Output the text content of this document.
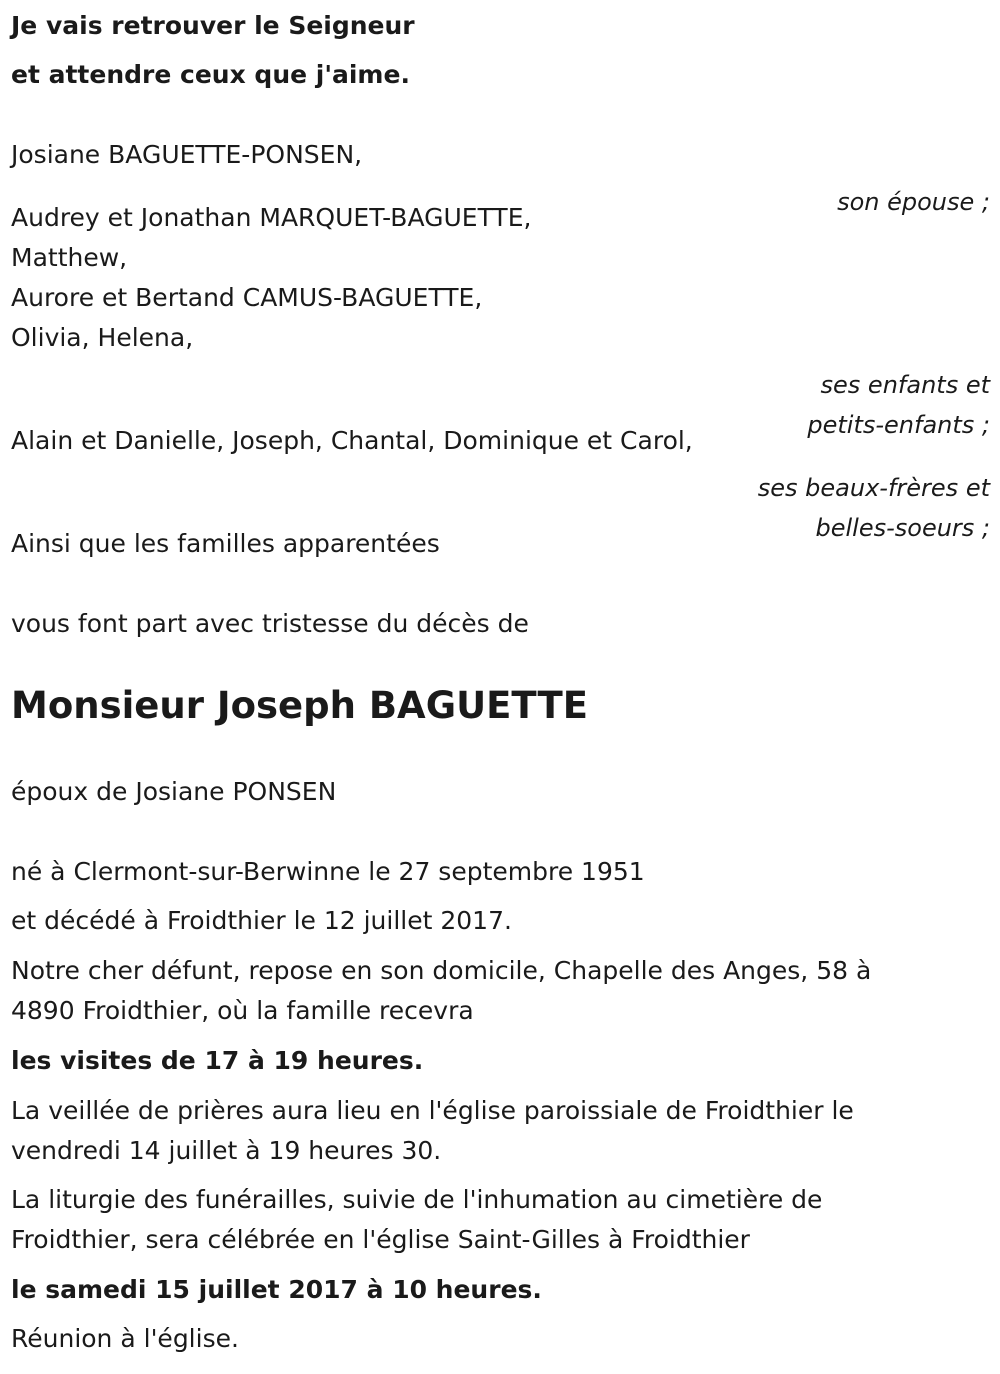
Je vais retrouver le Seigneur

et attendre ceux que j'aime.

Josiane BAGUETTE-PONSEN,

son épouse ;

Audrey et Jonathan MARQUET-BAGUETTE,

Matthew,

Aurore et Bertand CAMUS-BAGUETTE,

Olivia, Helena,

ses enfants et

petits-enfants ;

Alain et Danielle, Joseph, Chantal, Dominique et Carol,

ses beaux-frères et

belles-soeurs ;

Ainsi que les familles apparentées

vous font part avec tristesse du décès de

Monsieur Joseph BAGUETTE

époux de Josiane PONSEN

né à Clermont-sur-Berwinne le 27 septembre 1951

et décédé à Froidthier le 12 juillet 2017.

Notre cher défunt, repose en son domicile, Chapelle des Anges, 58 à

4890 Froidthier, où la famille recevra

les visites de 17 à 19 heures.

La veillée de prières aura lieu en l'église paroissiale de Froidthier le

vendredi 14 juillet à 19 heures 30.

La liturgie des funérailles, suivie de l'inhumation au cimetière de

Froidthier, sera célébrée en l'église Saint-Gilles à Froidthier

le samedi 15 juillet 2017 à 10 heures.

Réunion à l'église.
